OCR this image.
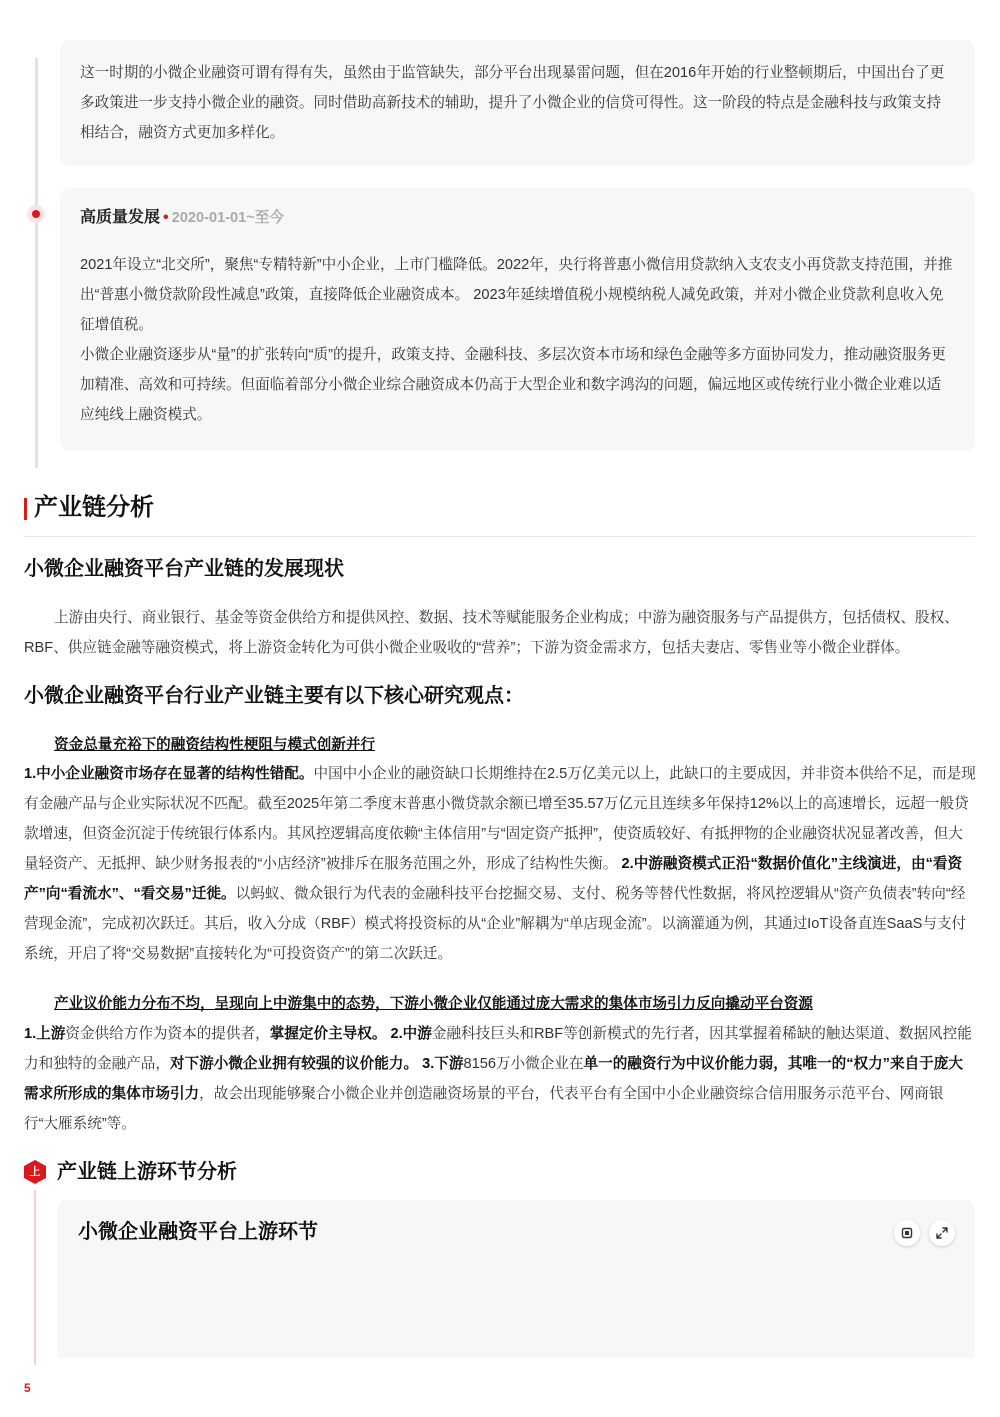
这一时期的小微企业融资可谓有得有失，虽然由于监管缺失，部分平台出现暴雷问题，但在2016年开始的行业整顿期后，中国出台了更多政策进一步支持小微企业的融资。同时借助高新技术的辅助，提升了小微企业的信贷可得性。这一阶段的特点是金融科技与政策支持相结合，融资方式更加多样化。

高质量发展 • 2020-01-01~至今

2021年设立“北交所”，聚焦“专精特新”中小企业，上市门槛降低。2022年，央行将普惠小微信用贷款纳入支农支小再贷款支持范围，并推出“普惠小微贷款阶段性减息”政策，直接降低企业融资成本。 2023年延续增值税小规模纳税人减免政策，并对小微企业贷款利息收入免征增值税。

小微企业融资逐步从“量”的扩张转向“质”的提升，政策支持、金融科技、多层次资本市场和绿色金融等多方面协同发力，推动融资服务更加精准、高效和可持续。但面临着部分小微企业综合融资成本仍高于大型企业和数字鸿沟的问题，偏远地区或传统行业小微企业难以适应纯线上融资模式。

产业链分析
小微企业融资平台产业链的发展现状

上游由央行、商业银行、基金等资金供给方和提供风控、数据、技术等赋能服务企业构成；中游为融资服务与产品提供方，包括债权、股权、RBF、供应链金融等融资模式，将上游资金转化为可供小微企业吸收的“营养”；下游为资金需求方，包括夫妻店、零售业等小微企业群体。

小微企业融资平台行业产业链主要有以下核心研究观点：

资金总量充裕下的融资结构性梗阻与模式创新并行

1.中小企业融资市场存在显著的结构性错配。中国中小企业的融资缺口长期维持在2.5万亿美元以上，此缺口的主要成因，并非资本供给不足，而是现有金融产品与企业实际状况不匹配。截至2025年第二季度末普惠小微贷款余额已增至35.57万亿元且连续多年保持12%以上的高速增长，远超一般贷款增速，但资金沉淀于传统银行体系内。其风控逻辑高度依赖“主体信用”与“固定资产抵押”，使资质较好、有抵押物的企业融资状况显著改善，但大量轻资产、无抵押、缺少财务报表的“小店经济”被排斥在服务范围之外，形成了结构性失衡。 2.中游融资模式正沿“数据价值化”主线演进，由“看资产”向“看流水”、“看交易”迁徙。以蚂蚁、微众银行为代表的金融科技平台挖掘交易、支付、税务等替代性数据，将风控逻辑从“资产负债表”转向“经营现金流”，完成初次跃迁。其后，收入分成（RBF）模式将投资标的从“企业”解耦为“单店现金流”。以滴灌通为例，其通过IoT设备直连SaaS与支付系统，开启了将“交易数据”直接转化为“可投资资产”的第二次跃迁。

产业议价能力分布不均，呈现向上中游集中的态势，下游小微企业仅能通过庞大需求的集体市场引力反向撬动平台资源

1.上游资金供给方作为资本的提供者，掌握定价主导权。 2.中游金融科技巨头和RBF等创新模式的先行者，因其掌握着稀缺的触达渠道、数据风控能力和独特的金融产品，对下游小微企业拥有较强的议价能力。 3.下游8156万小微企业在单一的融资行为中议价能力弱，其唯一的“权力”来自于庞大需求所形成的集体市场引力，故会出现能够聚合小微企业并创造融资场景的平台，代表平台有全国中小企业融资综合信用服务示范平台、网商银行“大雁系统”等。

上 产业链上游环节分析
小微企业融资平台上游环节
5
